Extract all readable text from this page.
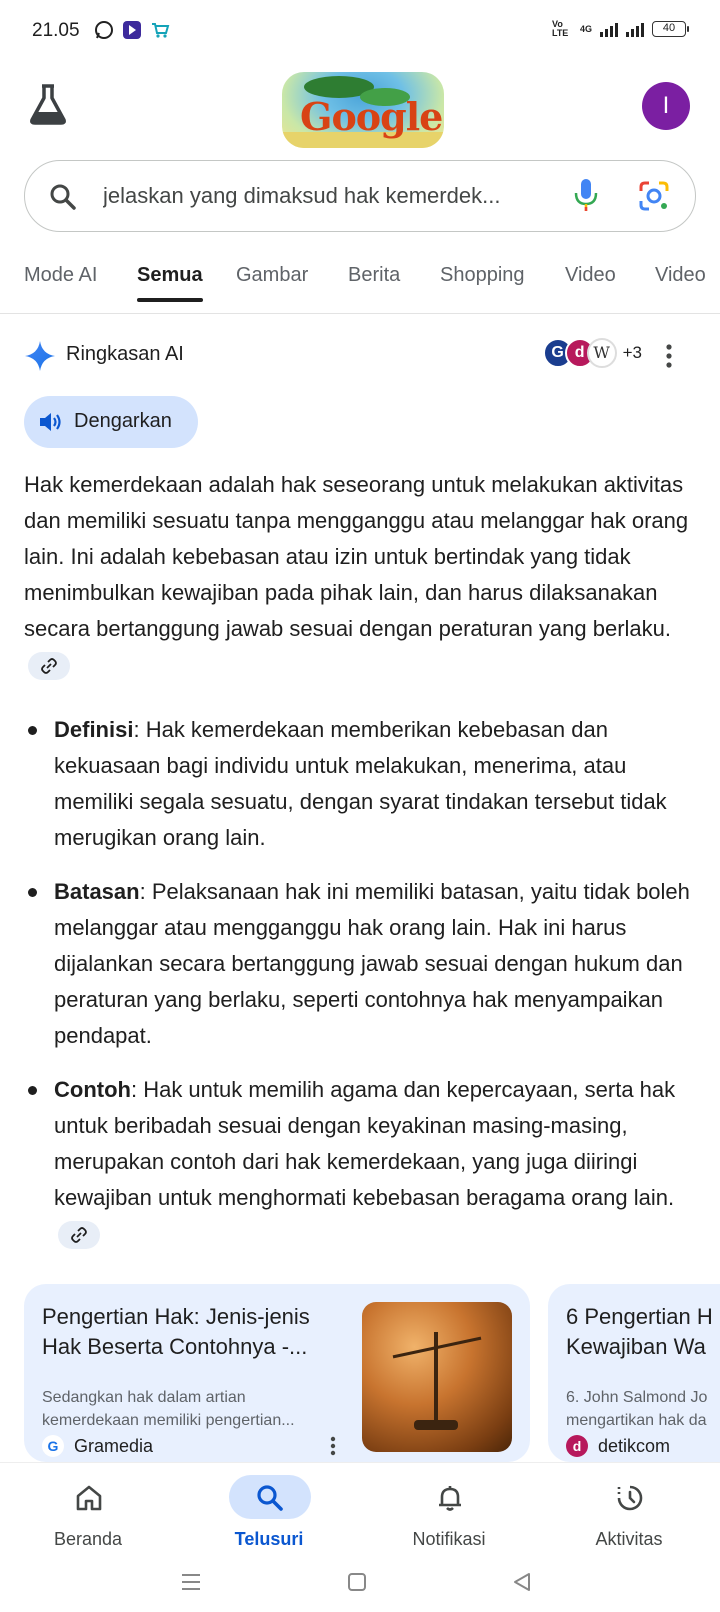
21.05	Vo LTE	4G	40
Google	I
jelaskan yang dimaksud hak kemerdek...
Mode AI Semua Gambar Berita Shopping Video Video
Ringkasan AI	G d W +3
Dengarkan
Hak kemerdekaan adalah hak seseorang untuk melakukan aktivitas dan memiliki sesuatu tanpa mengganggu atau melanggar hak orang lain. Ini adalah kebebasan atau izin untuk bertindak yang tidak menimbulkan kewajiban pada pihak lain, dan harus dilaksanakan secara bertanggung jawab sesuai dengan peraturan yang berlaku.
Definisi: Hak kemerdekaan memberikan kebebasan dan kekuasaan bagi individu untuk melakukan, menerima, atau memiliki segala sesuatu, dengan syarat tindakan tersebut tidak merugikan orang lain.
Batasan: Pelaksanaan hak ini memiliki batasan, yaitu tidak boleh melanggar atau mengganggu hak orang lain. Hak ini harus dijalankan secara bertanggung jawab sesuai dengan hukum dan peraturan yang berlaku, seperti contohnya hak menyampaikan pendapat.
Contoh: Hak untuk memilih agama dan kepercayaan, serta hak untuk beribadah sesuai dengan keyakinan masing-masing, merupakan contoh dari hak kemerdekaan, yang juga diiringi kewajiban untuk menghormati kebebasan beragama orang lain.
Pengertian Hak: Jenis-jenis Hak Beserta Contohnya -...
Sedangkan hak dalam artian kemerdekaan memiliki pengertian...
G Gramedia
6 Pengertian H
Kewajiban Wa
6. John Salmond Jo
mengartikan hak da
d detikcom
Beranda	Telusuri	Notifikasi	Aktivitas
